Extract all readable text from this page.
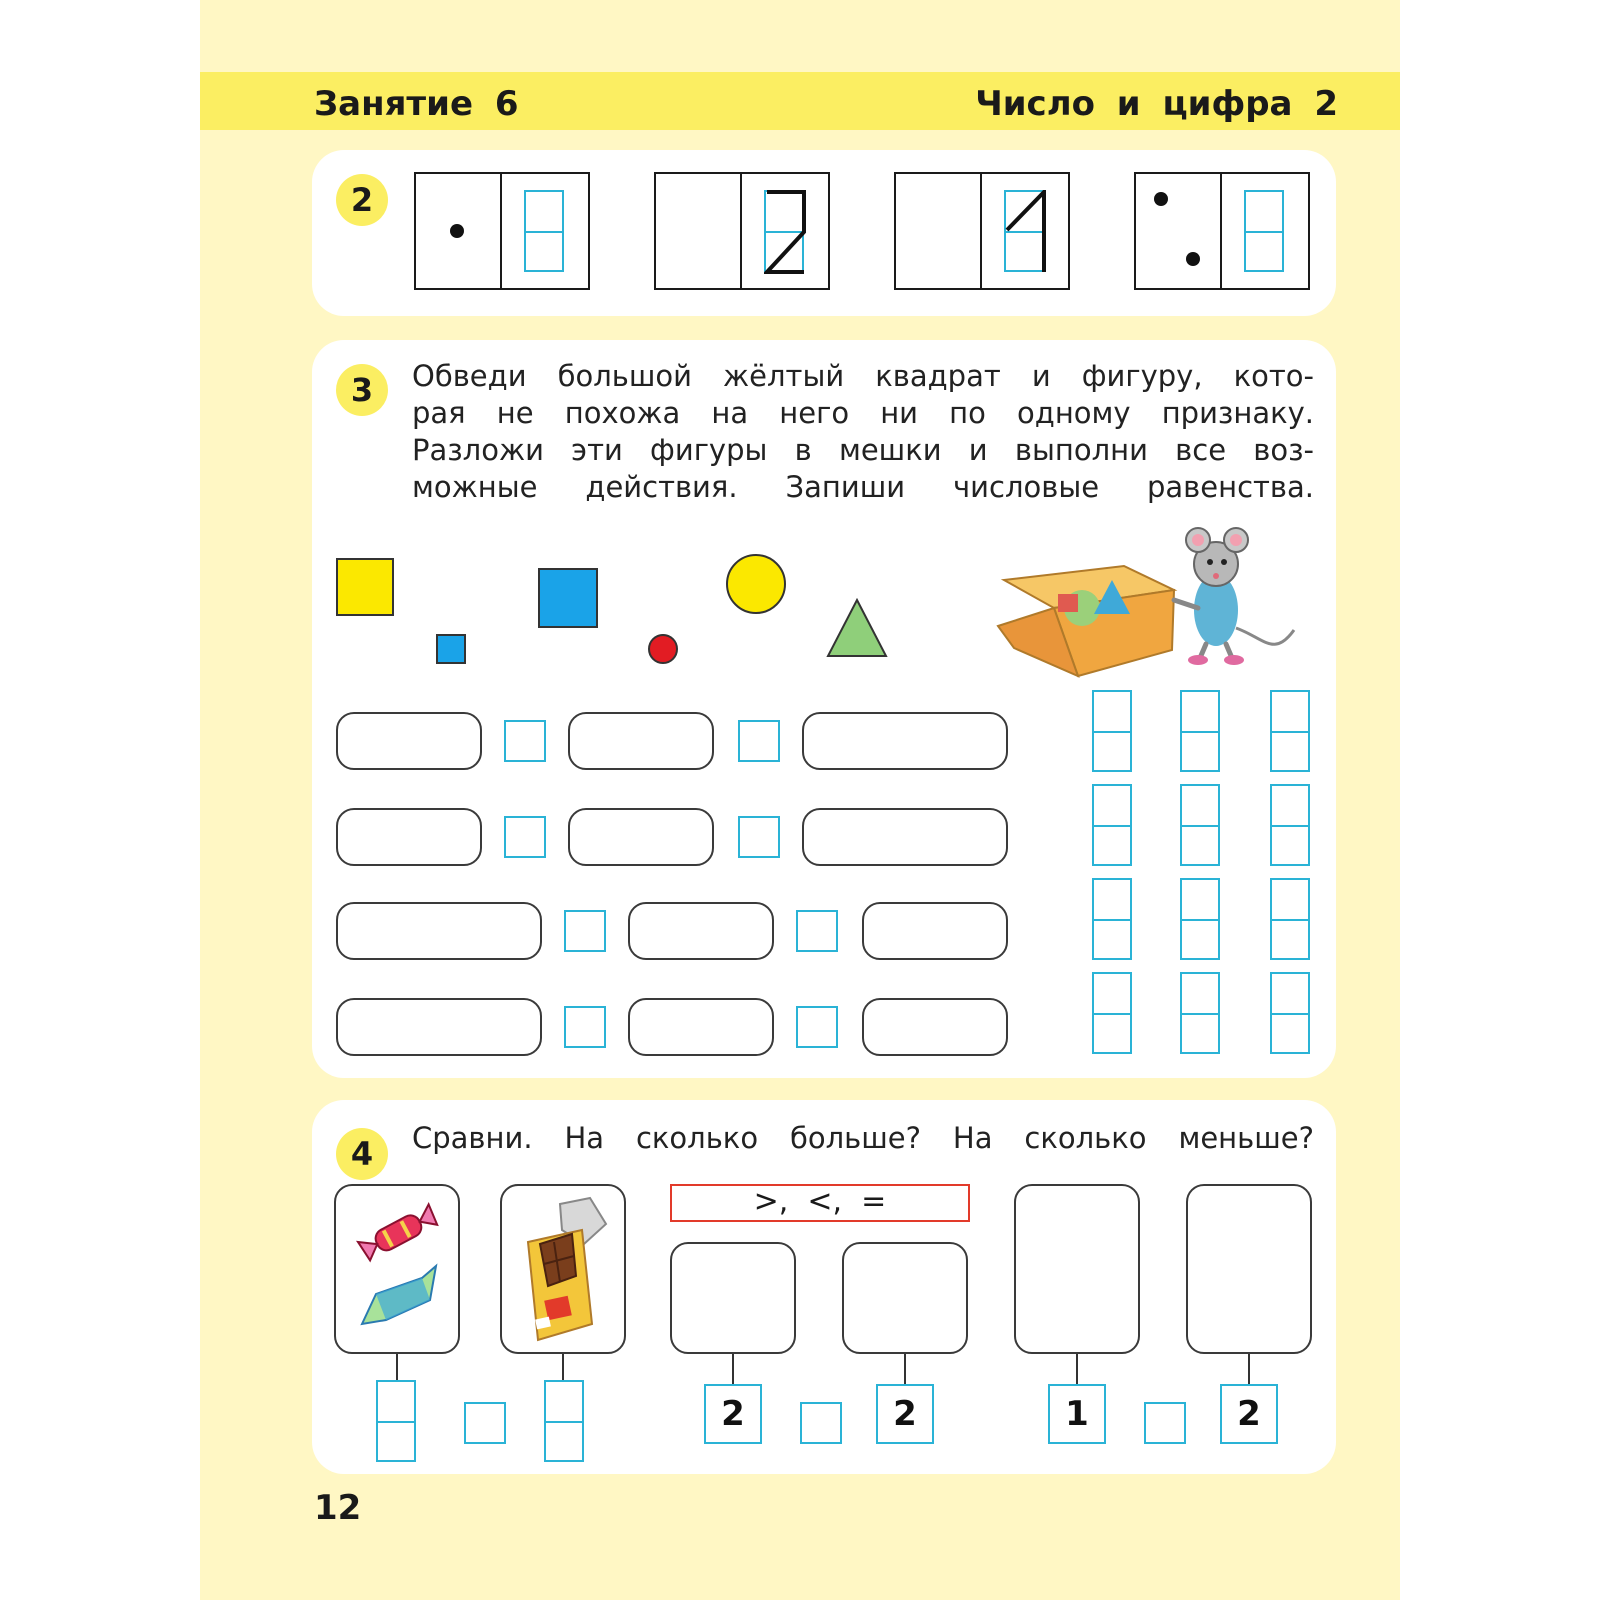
Занятие 6	Число и цифра 2
2
3	Обведи большой жёлтый квадрат и фигуру, кото-
рая не похожа на него ни по одному признаку.
Разложи эти фигуры в мешки и выполни все воз-
можные действия. Запиши числовые равенства.
4	Сравни. На сколько больше? На сколько меньше?
>,  <,  =
2	2	1	2
12
